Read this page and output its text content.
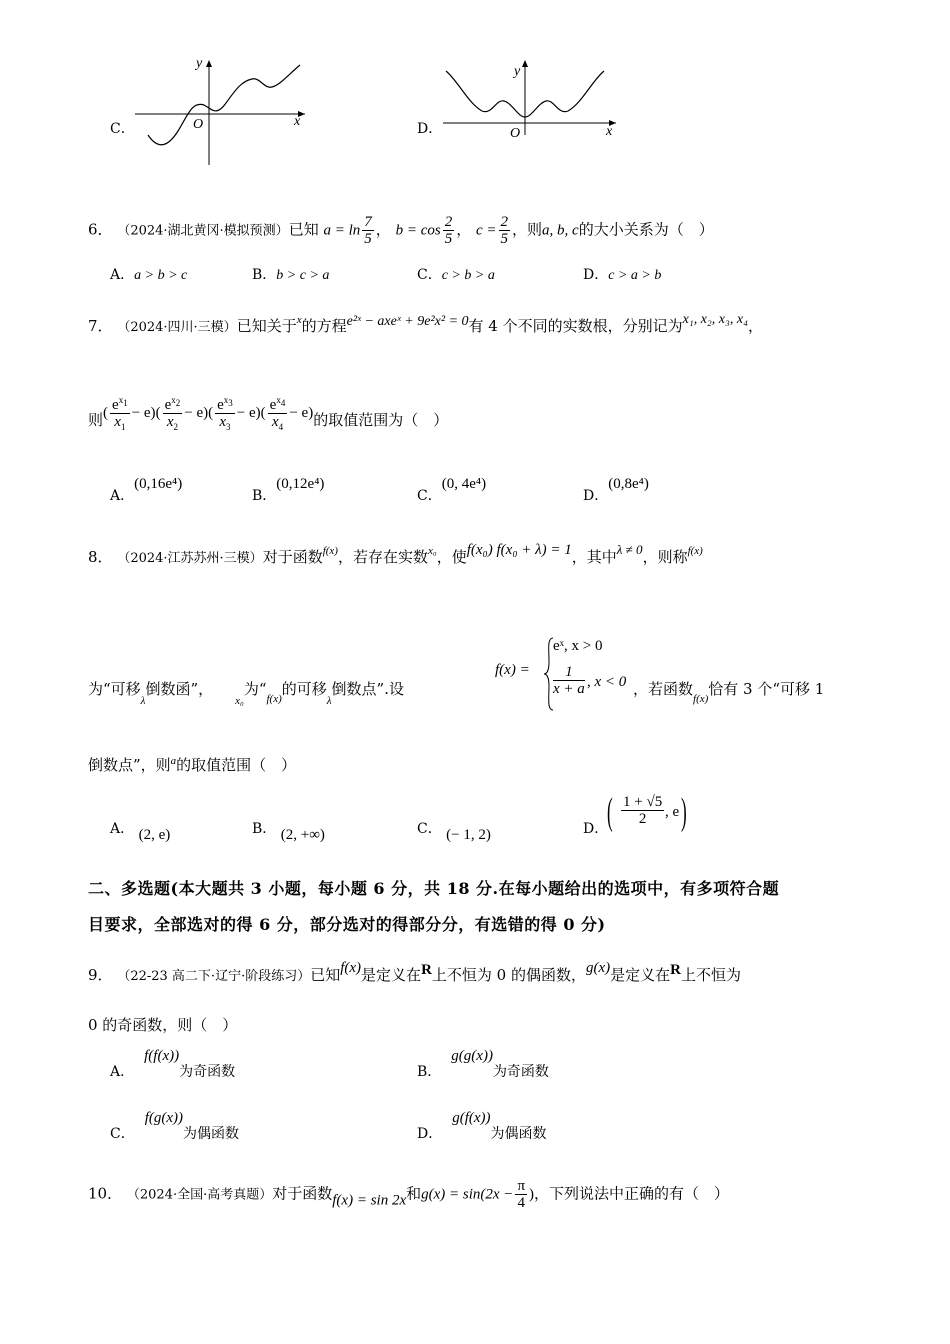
C．
y
x
O	D．
y
x
O
6． （2024·湖北黄冈·模拟预测）已知 $a = \ln \frac{7}{5}$ ， $b = \cos \frac{2}{5}$ ， $c = \frac{2}{5}$ ，则a, b, c的大小关系为（　）
A．a > b > c	B．b > c > a	C．c > b > a	D．c > a > b
7． （2024·四川·三模）已知关于$^x$的方程e²ˣ − axeˣ + 9e²x² = 0有 4 个不同的实数根，分别记为x₁, x₂, x₃, x₄，
则( $\frac{e^{x_1}}{x_1} - e)( \frac{e^{x_2}}{x_2} - e)( \frac{e^{x_3}}{x_3} - e)( \frac{e^{x_4}}{x_4} - e)$的取值范围为（　）
A．(0,16e⁴)
B．(0,12e⁴)
C．(0, 4e⁴)
D．(0,8e⁴)
8． （2024·江苏苏州·三模）对于函数$^{f(x)}$，若存在实数$^{x_0}$，使f(x₀) f(x₀ + λ) = 1，其中λ ≠ 0，则称$^{f(x)}$
为“可移$_\lambda$倒数函”，$_{x_0}$为“$_{f(x)}$的可移$_\lambda$倒数点”.设
f(x) =
eˣ, x > 0
$\frac{1}{x + a}$ , x < 0 ，若函数$_{f(x)}$恰有 3 个“可移 1
倒数点”，则$^a$的取值范围（　）
A． (2, e)	B． (2, +∞)	C． (− 1, 2)	D．
( $\frac{1 + √5}{2}$ , e )
二、多选题(本大题共 3 小题，每小题 6 分，共 18 分.在每小题给出的选项中，有多项符合题
目要求，全部选对的得 6 分，部分选对的得部分分，有选错的得 0 分)
9． （22-23 高二下·辽宁·阶段练习）已知f(x)是定义在R上不恒为 0 的偶函数，g(x)是定义在R上不恒为
0 的奇函数，则（　）
A．f(f(x))为奇函数	B．g(g(x))为奇函数
C．f(g(x))为偶函数	D．g(f(x))为偶函数
10． （2024·全国·高考真题）对于函数f(x) = sin 2x和$g(x) = \sin(2x - \frac{\pi}{4}$ )，下列说法中正确的有（　）
